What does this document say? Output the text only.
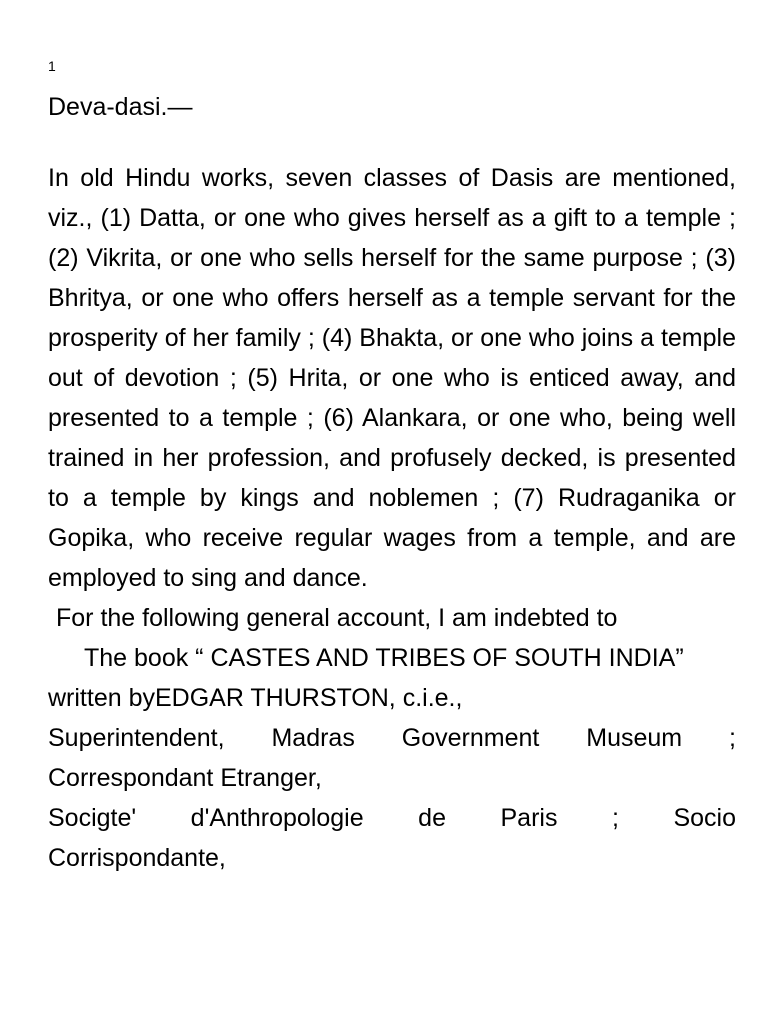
1
Deva-dasi.—

In old Hindu works, seven classes of Dasis are mentioned, viz., (1) Datta, or one who gives herself as a gift to a temple ; (2) Vikrita, or one who sells herself for the same purpose ; (3) Bhritya, or one who offers herself as a temple servant for the prosperity of her family ; (4) Bhakta, or one who joins a temple out of devotion ; (5) Hrita, or one who is enticed away, and presented to a temple ; (6) Alankara, or one who, being well trained in her profession, and profusely decked, is presented to a temple by kings and noblemen ; (7) Rudraganika or Gopika, who receive regular wages from a temple, and are employed to sing and dance.

For the following general account, I am indebted to

The book “ CASTES AND TRIBES OF SOUTH INDIA”

written byEDGAR THURSTON, c.i.e.,

Superintendent, Madras Government Museum ;

Correspondant Etranger,

Socigte' d'Anthropologie de Paris ; Socio

Corrispondante,
